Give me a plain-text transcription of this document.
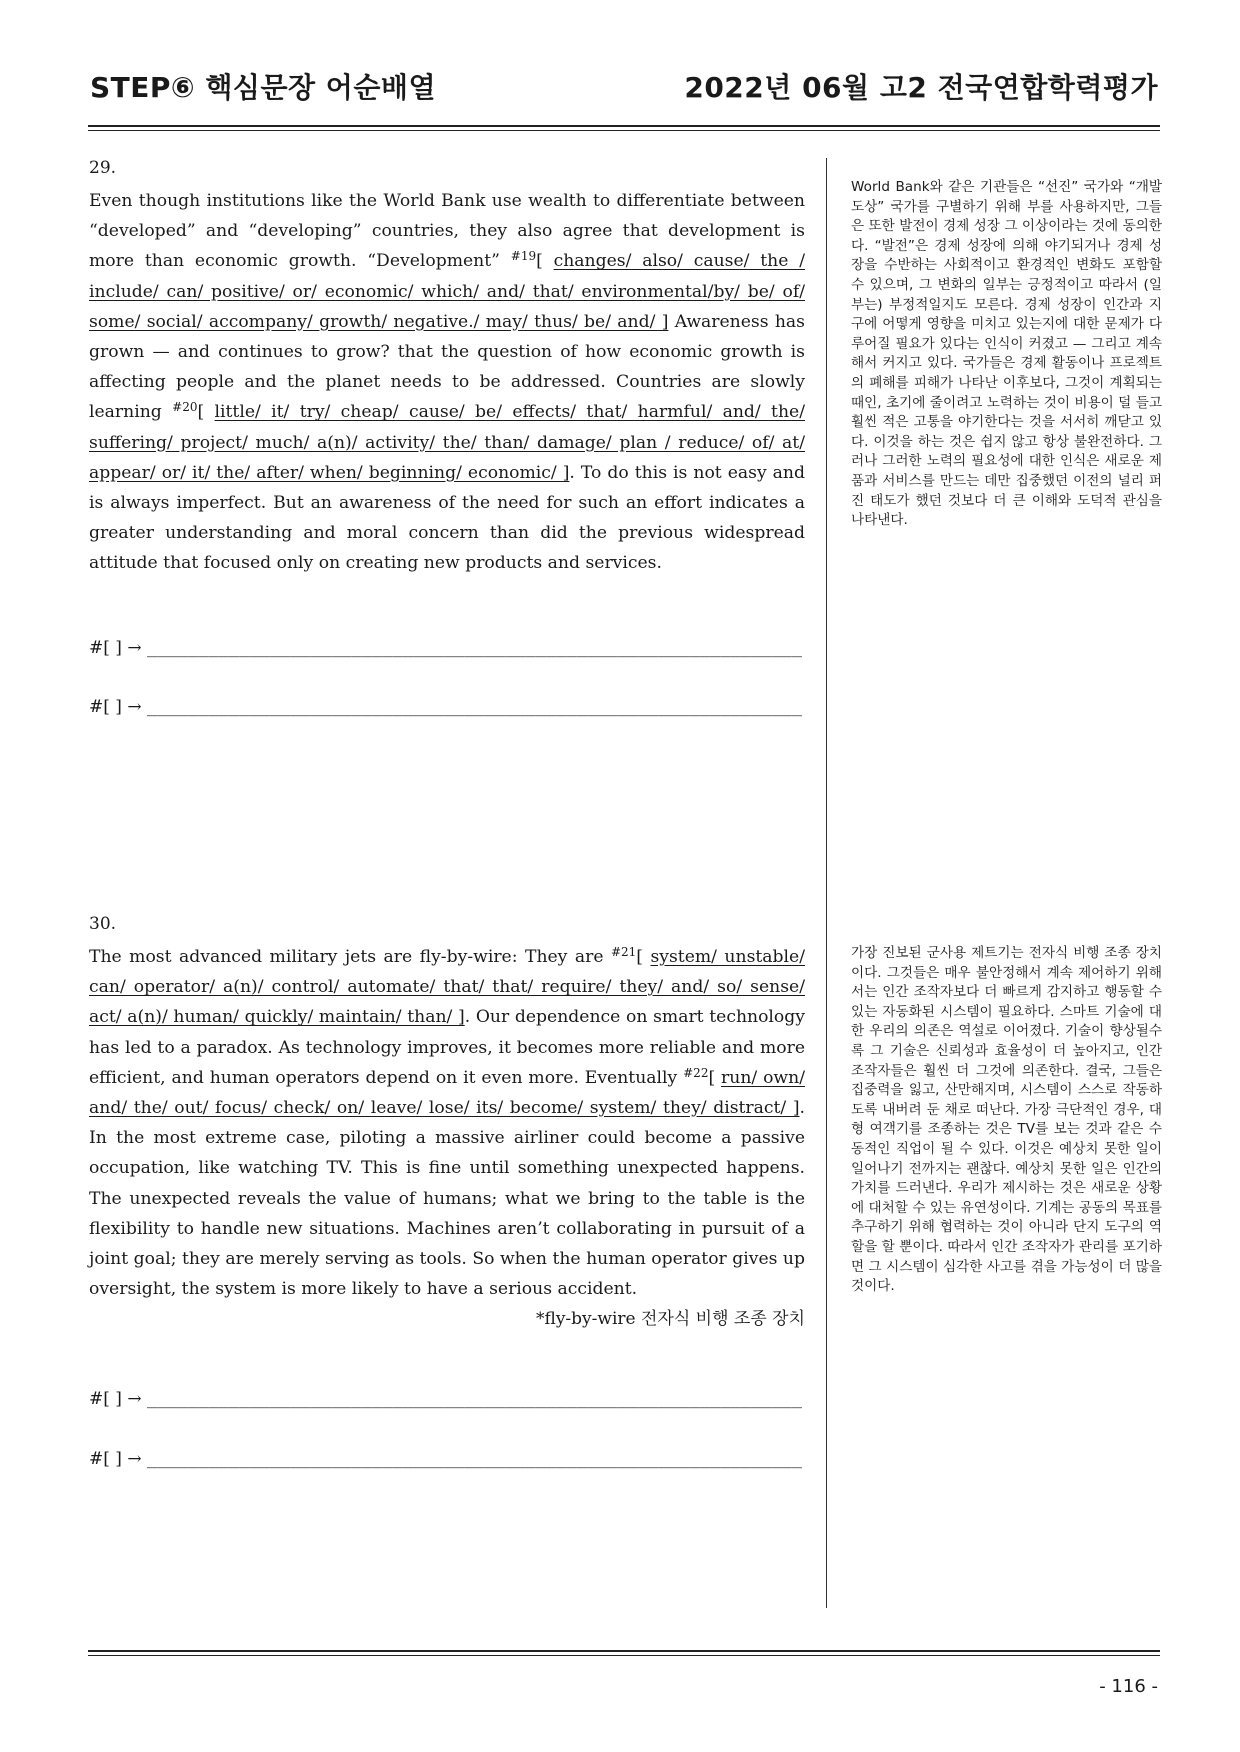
STEP⑥ 핵심문장 어순배열	2022년 06월 고2 전국연합학력평가
29.
Even though institutions like the World Bank use wealth to differentiate between “developed” and “developing” countries, they also agree that development is more than economic growth. “Development” $^{\#19}$[ changes/ also/ cause/ the / include/ can/ positive/ or/ economic/ which/ and/ that/ environmental/by/ be/ of/ some/ social/ accompany/ growth/ negative./ may/ thus/ be/ and/ ] Awareness has grown — and continues to grow? that the question of how economic growth is affecting people and the planet needs to be addressed. Countries are slowly learning $^{\#20}$[ little/ it/ try/ cheap/ cause/ be/ effects/ that/ harmful/ and/ the/ suffering/ project/ much/ a(n)/ activity/ the/ than/ damage/ plan / reduce/ of/ at/ appear/ or/ it/ the/ after/ when/ beginning/ economic/ ]. To do this is not easy and is always imperfect. But an awareness of the need for such an effort indicates a greater understanding and moral concern than did the previous widespread attitude that focused only on creating new products and services.
#[ ] → ________________________________________________________________
#[ ] → ________________________________________________________________
World Bank와 같은 기관들은 “선진” 국가와 “개발도상” 국가를 구별하기 위해 부를 사용하지만, 그들은 또한 발전이 경제 성장 그 이상이라는 것에 동의한다. “발전”은 경제 성장에 의해 야기되거나 경제 성장을 수반하는 사회적이고 환경적인 변화도 포함할 수 있으며, 그 변화의 일부는 긍정적이고 따라서 (일부는) 부정적일지도 모른다. 경제 성장이 인간과 지구에 어떻게 영향을 미치고 있는지에 대한 문제가 다루어질 필요가 있다는 인식이 커졌고 — 그리고 계속해서 커지고 있다. 국가들은 경제 활동이나 프로젝트의 폐해를 피해가 나타난 이후보다, 그것이 계획되는 때인, 초기에 줄이려고 노력하는 것이 비용이 덜 들고 훨씬 적은 고통을 야기한다는 것을 서서히 깨닫고 있다. 이것을 하는 것은 쉽지 않고 항상 불완전하다. 그러나 그러한 노력의 필요성에 대한 인식은 새로운 제품과 서비스를 만드는 데만 집중했던 이전의 널리 퍼진 태도가 했던 것보다 더 큰 이해와 도덕적 관심을 나타낸다.
30.
The most advanced military jets are fly-by-wire: They are $^{\#21}$[ system/ unstable/ can/ operator/ a(n)/ control/ automate/ that/ that/ require/ they/ and/ so/ sense/ act/ a(n)/ human/ quickly/ maintain/ than/ ]. Our dependence on smart technology has led to a paradox. As technology improves, it becomes more reliable and more efficient, and human operators depend on it even more. Eventually $^{\#22}$[ run/ own/ and/ the/ out/ focus/ check/ on/ leave/ lose/ its/ become/ system/ they/ distract/ ]. In the most extreme case, piloting a massive airliner could become a passive occupation, like watching TV. This is fine until something unexpected happens. The unexpected reveals the value of humans; what we bring to the table is the flexibility to handle new situations. Machines aren’t collaborating in pursuit of a joint goal; they are merely serving as tools. So when the human operator gives up oversight, the system is more likely to have a serious accident.
*fly-by-wire 전자식 비행 조종 장치
#[ ] → ________________________________________________________________
#[ ] → ________________________________________________________________
가장 진보된 군사용 제트기는 전자식 비행 조종 장치이다. 그것들은 매우 불안정해서 계속 제어하기 위해서는 인간 조작자보다 더 빠르게 감지하고 행동할 수 있는 자동화된 시스템이 필요하다. 스마트 기술에 대한 우리의 의존은 역설로 이어졌다. 기술이 향상될수록 그 기술은 신뢰성과 효율성이 더 높아지고, 인간 조작자들은 훨씬 더 그것에 의존한다. 결국, 그들은 집중력을 잃고, 산만해지며, 시스템이 스스로 작동하도록 내버려 둔 채로 떠난다. 가장 극단적인 경우, 대형 여객기를 조종하는 것은 TV를 보는 것과 같은 수동적인 직업이 될 수 있다. 이것은 예상치 못한 일이 일어나기 전까지는 괜찮다. 예상치 못한 일은 인간의 가치를 드러낸다. 우리가 제시하는 것은 새로운 상황에 대처할 수 있는 유연성이다. 기계는 공동의 목표를 추구하기 위해 협력하는 것이 아니라 단지 도구의 역할을 할 뿐이다. 따라서 인간 조작자가 관리를 포기하면 그 시스템이 심각한 사고를 겪을 가능성이 더 많을 것이다.
- 116 -
